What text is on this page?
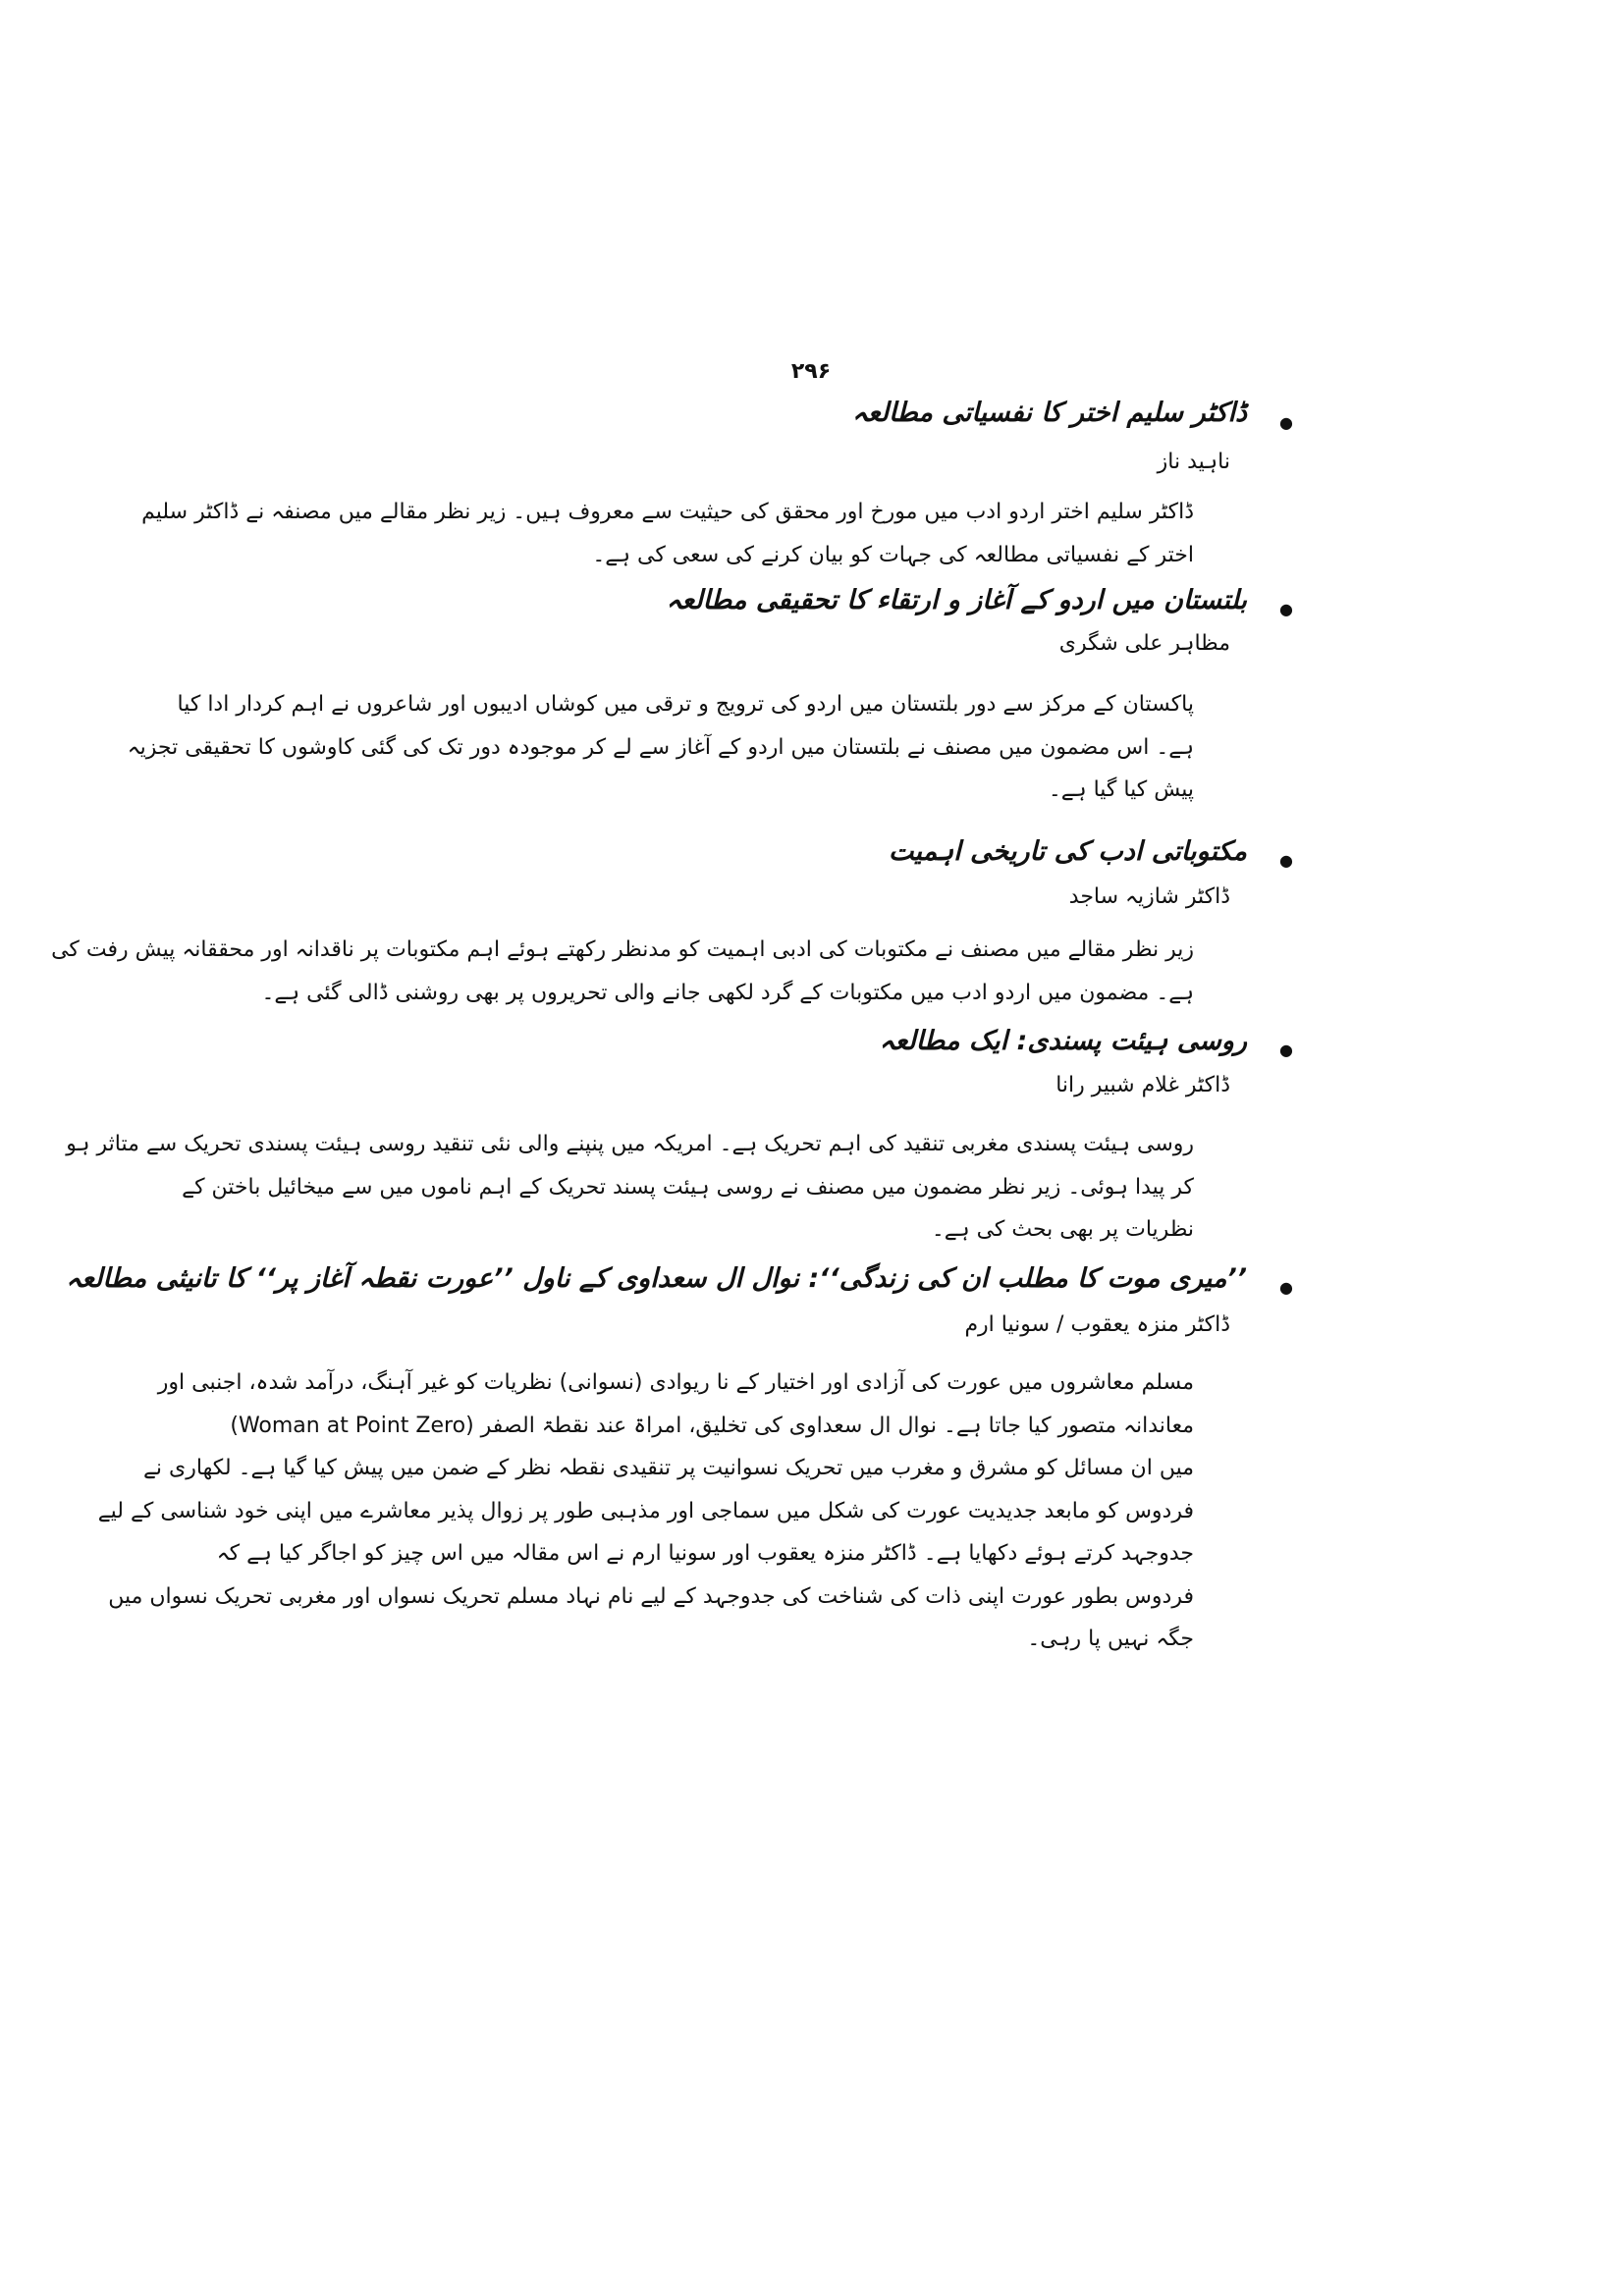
۲۹۶
●
ڈاکٹر سلیم اختر کا نفسیاتی مطالعہ
ناہید ناز
ڈاکٹر سلیم اختر اردو ادب میں مورخ اور محقق کی حیثیت سے معروف ہیں۔ زیر نظر مقالے میں مصنفہ نے ڈاکٹر سلیم
اختر کے نفسیاتی مطالعہ کی جہات کو بیان کرنے کی سعی کی ہے۔
●
بلتستان میں اردو کے آغاز و ارتقاء کا تحقیقی مطالعہ
مظاہر علی شگری
پاکستان کے مرکز سے دور بلتستان میں اردو کی ترویج و ترقی میں کوشاں ادیبوں اور شاعروں نے اہم کردار ادا کیا
ہے۔ اس مضمون میں مصنف نے بلتستان میں اردو کے آغاز سے لے کر موجودہ دور تک کی گئی کاوشوں کا تحقیقی تجزیہ
پیش کیا گیا ہے۔
●
مکتوباتی ادب کی تاریخی اہمیت
ڈاکٹر شازیہ ساجد
زیر نظر مقالے میں مصنف نے مکتوبات کی ادبی اہمیت کو مدنظر رکھتے ہوئے اہم مکتوبات پر ناقدانہ اور محققانہ پیش رفت کی
ہے۔ مضمون میں اردو ادب میں مکتوبات کے گرد لکھی جانے والی تحریروں پر بھی روشنی ڈالی گئی ہے۔
●
روسی ہیئت پسندی: ایک مطالعہ
ڈاکٹر غلام شبیر رانا
روسی ہیئت پسندی مغربی تنقید کی اہم تحریک ہے۔ امریکہ میں پنپنے والی نئی تنقید روسی ہیئت پسندی تحریک سے متاثر ہو
کر پیدا ہوئی۔ زیر نظر مضمون میں مصنف نے روسی ہیئت پسند تحریک کے اہم ناموں میں سے میخائیل باختن کے
نظریات پر بھی بحث کی ہے۔
●
’’میری موت کا مطلب ان کی زندگی‘‘: نوال ال سعداوی کے ناول ’’عورت نقطہ آغاز پر‘‘ کا تانیثی مطالعہ
ڈاکٹر منزہ یعقوب / سونیا ارم
مسلم معاشروں میں عورت کی آزادی اور اختیار کے نا ریوادی (نسوانی) نظریات کو غیر آہنگ، درآمد شدہ، اجنبی اور
معاندانہ متصور کیا جاتا ہے۔ نوال ال سعداوی کی تخلیق، امراۃ عند نقطۃ الصفر (Woman at Point Zero)
میں ان مسائل کو مشرق و مغرب میں تحریک نسوانیت پر تنقیدی نقطہ نظر کے ضمن میں پیش کیا گیا ہے۔ لکھاری نے
فردوس کو مابعد جدیدیت عورت کی شکل میں سماجی اور مذہبی طور پر زوال پذیر معاشرے میں اپنی خود شناسی کے لیے
جدوجہد کرتے ہوئے دکھایا ہے۔ ڈاکٹر منزہ یعقوب اور سونیا ارم نے اس مقالہ میں اس چیز کو اجاگر کیا ہے کہ
فردوس بطور عورت اپنی ذات کی شناخت کی جدوجہد کے لیے نام نہاد مسلم تحریک نسواں اور مغربی تحریک نسواں میں
جگہ نہیں پا رہی۔
